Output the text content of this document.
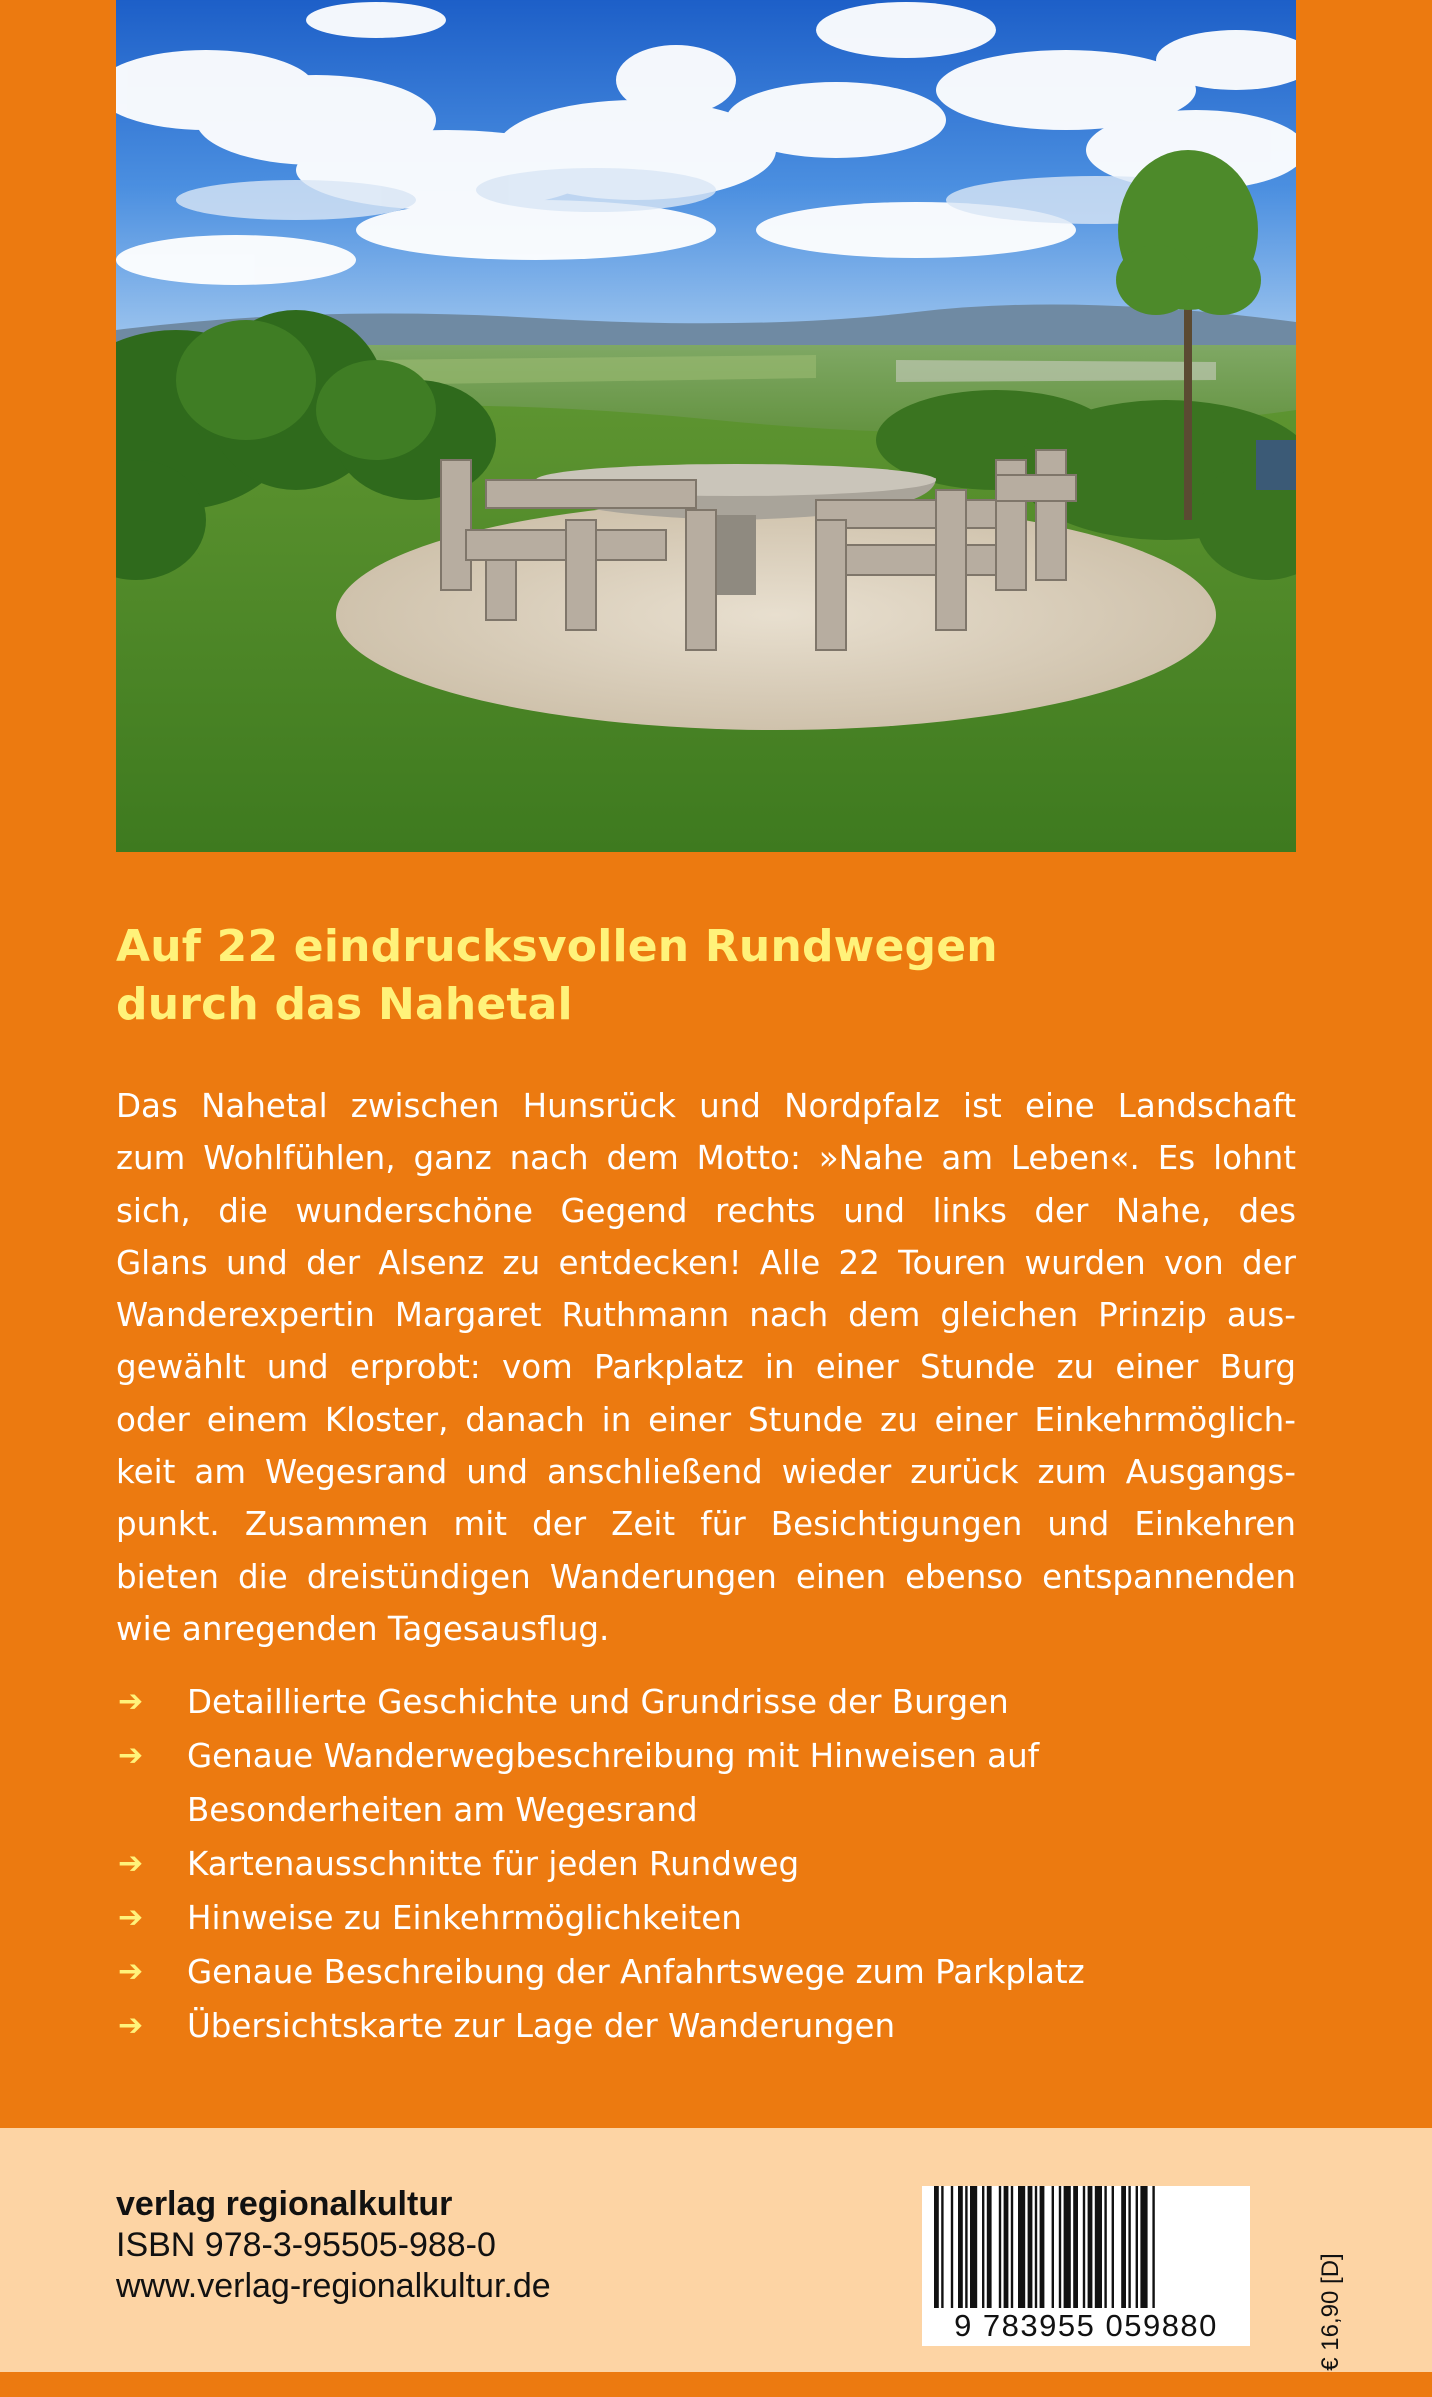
Auf 22 eindrucksvollen Rundwegen
durch das Nahetal

Das Nahetal zwischen Hunsrück und Nordpfalz ist eine Landschaft
zum Wohlfühlen, ganz nach dem Motto: »Nahe am Leben«. Es lohnt
sich, die wunderschöne Gegend rechts und links der Nahe, des
Glans und der Alsenz zu entdecken! Alle 22 Touren wurden von der
Wanderexpertin Margaret Ruthmann nach dem gleichen Prinzip aus-
gewählt und erprobt: vom Parkplatz in einer Stunde zu einer Burg
oder einem Kloster, danach in einer Stunde zu einer Einkehrmöglich-
keit am Wegesrand und anschließend wieder zurück zum Ausgangs-
punkt. Zusammen mit der Zeit für Besichtigungen und Einkehren
bieten die dreistündigen Wanderungen einen ebenso entspannenden
wie anregenden Tagesausflug.

➔ Detaillierte Geschichte und Grundrisse der Burgen
➔ Genaue Wanderwegbeschreibung mit Hinweisen auf
Besonderheiten am Wegesrand
➔ Kartenausschnitte für jeden Rundweg
➔ Hinweise zu Einkehrmöglichkeiten
➔ Genaue Beschreibung der Anfahrtswege zum Parkplatz
➔ Übersichtskarte zur Lage der Wanderungen
verlag regionalkultur
ISBN 978-3-95505-988-0
www.verlag-regionalkultur.de
9 783955 059880	€ 16,90 [D]
